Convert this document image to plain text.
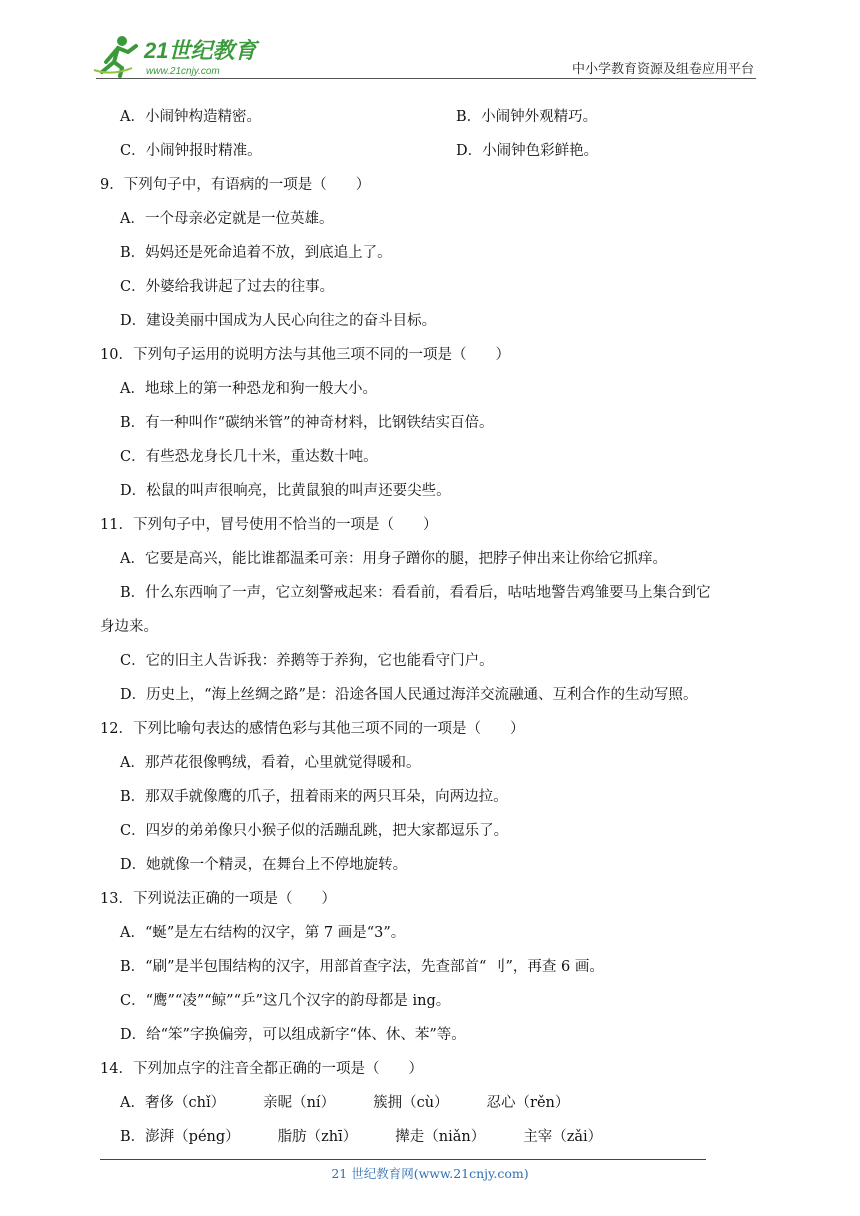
21世纪教育
www.21cnjy.com	中小学教育资源及组卷应用平台
A．小闹钟构造精密。	B．小闹钟外观精巧。
C．小闹钟报时精准。	D．小闹钟色彩鲜艳。
9．下列句子中，有语病的一项是（　　）
A．一个母亲必定就是一位英雄。
B．妈妈还是死命追着不放，到底追上了。
C．外婆给我讲起了过去的往事。
D．建设美丽中国成为人民心向往之的奋斗目标。
10．下列句子运用的说明方法与其他三项不同的一项是（　　）
A．地球上的第一种恐龙和狗一般大小。
B．有一种叫作“碳纳米管”的神奇材料，比钢铁结实百倍。
C．有些恐龙身长几十米，重达数十吨。
D．松鼠的叫声很响亮，比黄鼠狼的叫声还要尖些。
11．下列句子中，冒号使用不恰当的一项是（　　）
A．它要是高兴，能比谁都温柔可亲：用身子蹭你的腿，把脖子伸出来让你给它抓痒。
B．什么东西响了一声，它立刻警戒起来：看看前，看看后，咕咕地警告鸡雏要马上集合到它
身边来。
C．它的旧主人告诉我：养鹅等于养狗，它也能看守门户。
D．历史上，“海上丝绸之路”是：沿途各国人民通过海洋交流融通、互利合作的生动写照。
12．下列比喻句表达的感情色彩与其他三项不同的一项是（　　）
A．那芦花很像鸭绒，看着，心里就觉得暖和。
B．那双手就像鹰的爪子，扭着雨来的两只耳朵，向两边拉。
C．四岁的弟弟像只小猴子似的活蹦乱跳，把大家都逗乐了。
D．她就像一个精灵，在舞台上不停地旋转。
13．下列说法正确的一项是（　　）
A．“蜒”是左右结构的汉字，第 7 画是“3”。
B．“刷”是半包围结构的汉字，用部首查字法，先查部首“ 刂”，再查 6 画。
C．“鹰”“凌”“鲸”“乒”这几个汉字的韵母都是 ing。
D．给“笨”字换偏旁，可以组成新字“体、休、苯”等。
14．下列加点字的注音全都正确的一项是（　　）
A． 奢侈（chǐ）	亲昵（ní）	簇拥（cù）	忍心（rěn）
B． 澎湃（péng）	脂肪（zhī）	撵走（niǎn）	主宰（zǎi）
21 世纪教育网(www.21cnjy.com)
